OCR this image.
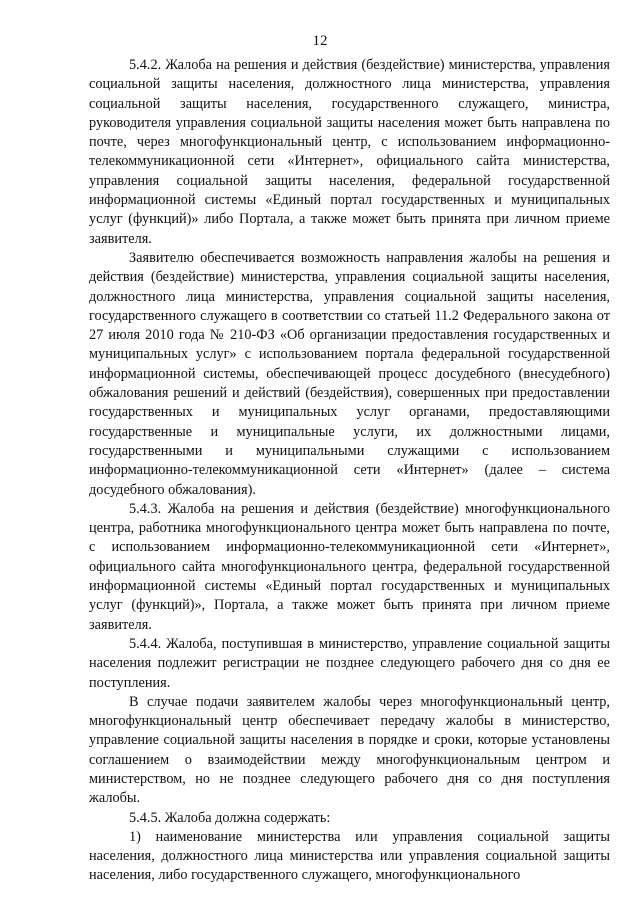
12

5.4.2. Жалоба на решения и действия (бездействие) министерства, управления социальной защиты населения, должностного лица министерства, управления социальной защиты населения, государственного служащего, министра, руководителя управления социальной защиты населения может быть направлена по почте, через многофункциональный центр, с использованием информационно-телекоммуникационной сети «Интернет», официального сайта министерства, управления социальной защиты населения, федеральной государственной информационной системы «Единый портал государственных и муниципальных услуг (функций)» либо Портала, а также может быть принята при личном приеме заявителя.

Заявителю обеспечивается возможность направления жалобы на решения и действия (бездействие) министерства, управления социальной защиты населения, должностного лица министерства, управления социальной защиты населения, государственного служащего в соответствии со статьей 11.2 Федерального закона от 27 июля 2010 года № 210-ФЗ «Об организации предоставления государственных и муниципальных услуг» с использованием портала федеральной государственной информационной системы, обеспечивающей процесс досудебного (внесудебного) обжалования решений и действий (бездействия), совершенных при предоставлении государственных и муниципальных услуг органами, предоставляющими государственные и муниципальные услуги, их должностными лицами, государственными и муниципальными служащими с использованием информационно-телекоммуникационной сети «Интернет» (далее – система досудебного обжалования).

5.4.3. Жалоба на решения и действия (бездействие) многофункционального центра, работника многофункционального центра может быть направлена по почте, с использованием информационно-телекоммуникационной сети «Интернет», официального сайта многофункционального центра, федеральной государственной информационной системы «Единый портал государственных и муниципальных услуг (функций)», Портала, а также может быть принята при личном приеме заявителя.

5.4.4. Жалоба, поступившая в министерство, управление социальной защиты населения подлежит регистрации не позднее следующего рабочего дня со дня ее поступления.

В случае подачи заявителем жалобы через многофункциональный центр, многофункциональный центр обеспечивает передачу жалобы в министерство, управление социальной защиты населения в порядке и сроки, которые установлены соглашением о взаимодействии между многофункциональным центром и министерством, но не позднее следующего рабочего дня со дня поступления жалобы.

5.4.5. Жалоба должна содержать:

1) наименование министерства или управления социальной защиты населения, должностного лица министерства или управления социальной защиты населения, либо государственного служащего, многофункционального
